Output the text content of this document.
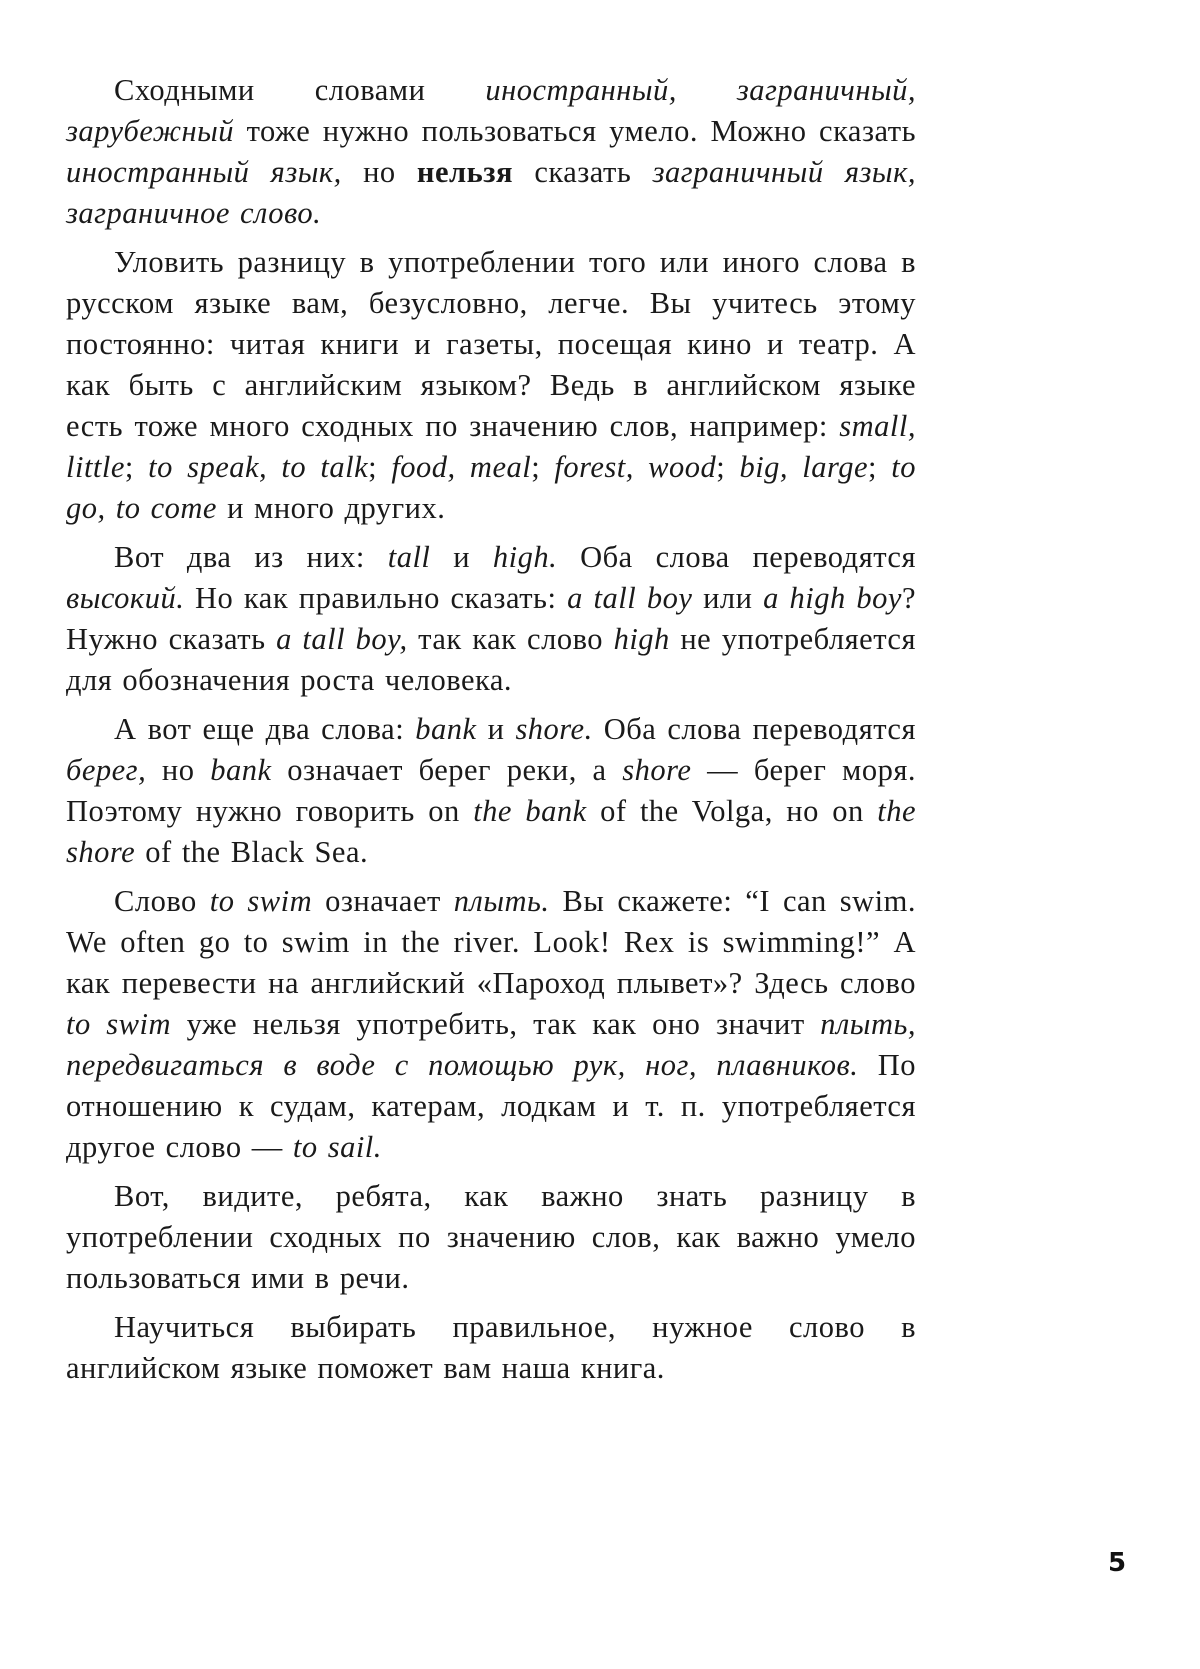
Сходными словами иностранный, заграничный, зарубежный тоже нужно пользоваться умело. Можно сказать иностранный язык, но нельзя сказать заграничный язык, заграничное слово.

Уловить разницу в употреблении того или иного слова в русском языке вам, безусловно, легче. Вы учитесь этому постоянно: читая книги и газеты, посещая кино и театр. А как быть с английским языком? Ведь в английском языке есть тоже много сходных по значению слов, например: small, little; to speak, to talk; food, meal; forest, wood; big, large; to go, to come и много других.

Вот два из них: tall и high. Оба слова переводятся высокий. Но как правильно сказать: a tall boy или a high boy? Нужно сказать a tall boy, так как слово high не употребляется для обозначения роста человека.

А вот еще два слова: bank и shore. Оба слова переводятся берег, но bank означает берег реки, а shore — берег моря. Поэтому нужно говорить on the bank of the Volga, но on the shore of the Black Sea.

Слово to swim означает плыть. Вы скажете: “I can swim. We often go to swim in the river. Look! Rex is swimming!” А как перевести на английский «Пароход плывет»? Здесь слово to swim уже нельзя употребить, так как оно значит плыть, передвигаться в воде с помощью рук, ног, плавников. По отношению к судам, катерам, лодкам и т. п. употребляется другое слово — to sail.

Вот, видите, ребята, как важно знать разницу в употреблении сходных по значению слов, как важно умело пользоваться ими в речи.

Научиться выбирать правильное, нужное слово в английском языке поможет вам наша книга.

5
